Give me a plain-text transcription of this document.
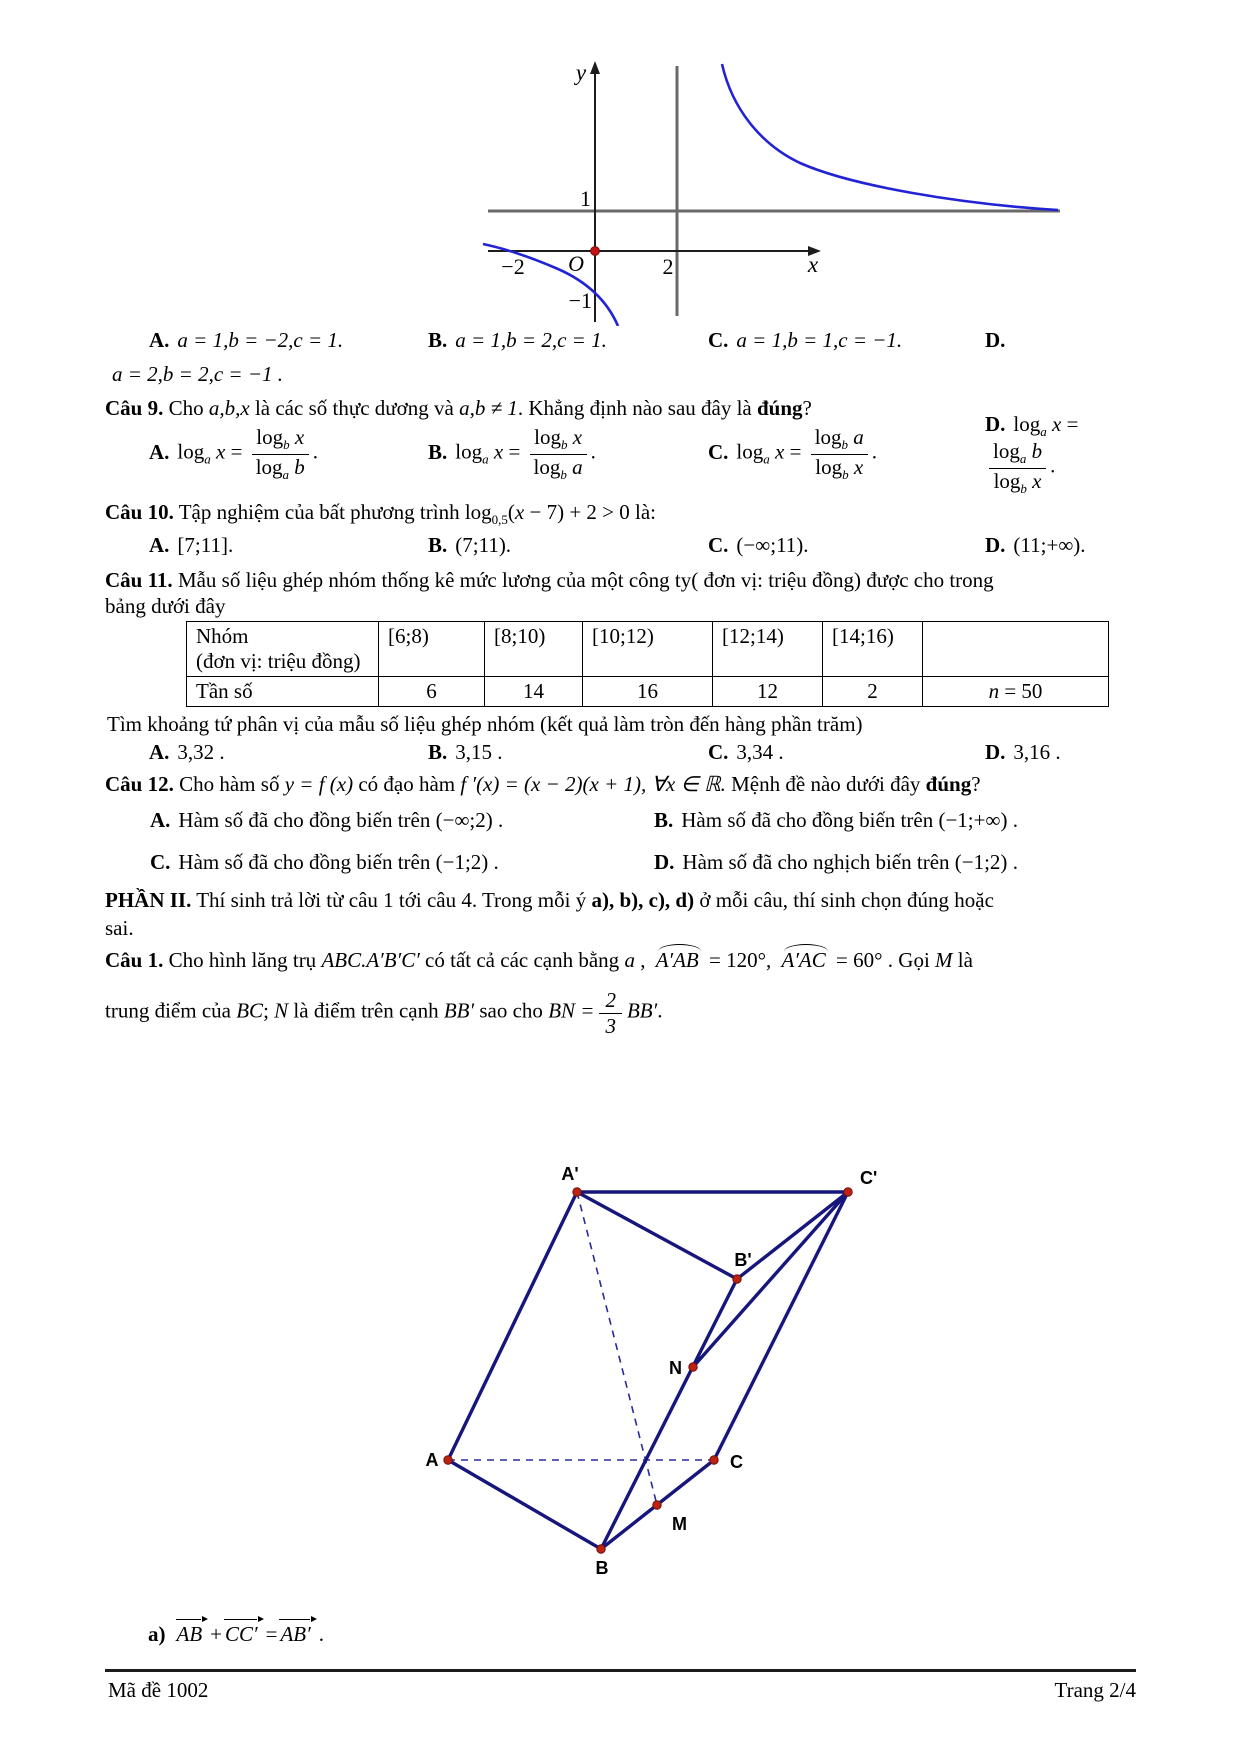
y
x
O
1
−1
−2	2
A. a = 1,b = −2,c = 1.	B. a = 1,b = 2,c = 1.	C. a = 1,b = 1,c = −1.	D.
a = 2,b = 2,c = −1 .
Câu 9. Cho a,b,x là các số thực dương và a,b ≠ 1. Khẳng định nào sau đây là đúng?
A. $\log_a x = \frac{\log_b x}{\log_a b}$ .	B. $\log_a x = \frac{\log_b x}{\log_b a}$ .	C. $\log_a x = \frac{\log_b a}{\log_b x}$ .
D. $\log_a x$ =
$\frac{\log_a b}{\log_b x}$ .
Câu 10. Tập nghiệm của bất phương trình $\log_{0,5}(x - 7) + 2 > 0$ là:
A. [7;11].	B. (7;11).	C. (−∞;11).	D. (11;+∞).
Câu 11. Mẫu số liệu ghép nhóm thống kê mức lương của một công ty( đơn vị: triệu đồng) được cho trong
bảng dưới đây
Nhóm
(đơn vị: triệu đồng)	[6;8)	[8;10)	[10;12)	[12;14)	[14;16)	
Tần số	6	14	16	12	2	n = 50
Tìm khoảng tứ phân vị của mẫu số liệu ghép nhóm (kết quả làm tròn đến hàng phần trăm)
A. 3,32 .	B. 3,15 .	C. 3,34 .	D. 3,16 .
Câu 12. Cho hàm số y = f (x) có đạo hàm f ′(x) = (x − 2)(x + 1), ∀x ∈ ℝ. Mệnh đề nào dưới đây đúng?
A. Hàm số đã cho đồng biến trên (−∞;2) .	B. Hàm số đã cho đồng biến trên (−1;+∞) .
C. Hàm số đã cho đồng biến trên (−1;2) .	D. Hàm số đã cho nghịch biến trên (−1;2) .
PHẦN II. Thí sinh trả lời từ câu 1 tới câu 4. Trong mỗi ý a), b), c), d) ở mỗi câu, thí sinh chọn đúng hoặc
sai.
Câu 1. Cho hình lăng trụ ABC.A′B′C′ có tất cả các cạnh bằng a , A′AB = 120°, A′AC = 60° . Gọi M là
trung điểm của BC; N là điểm trên cạnh BB′ sao cho BN = $\frac{2}{3} BB'$.
A'	C'
B'
N
A	C
M
B
a) AB + CC′ = AB′ .
Mã đề 1002	Trang 2/4
